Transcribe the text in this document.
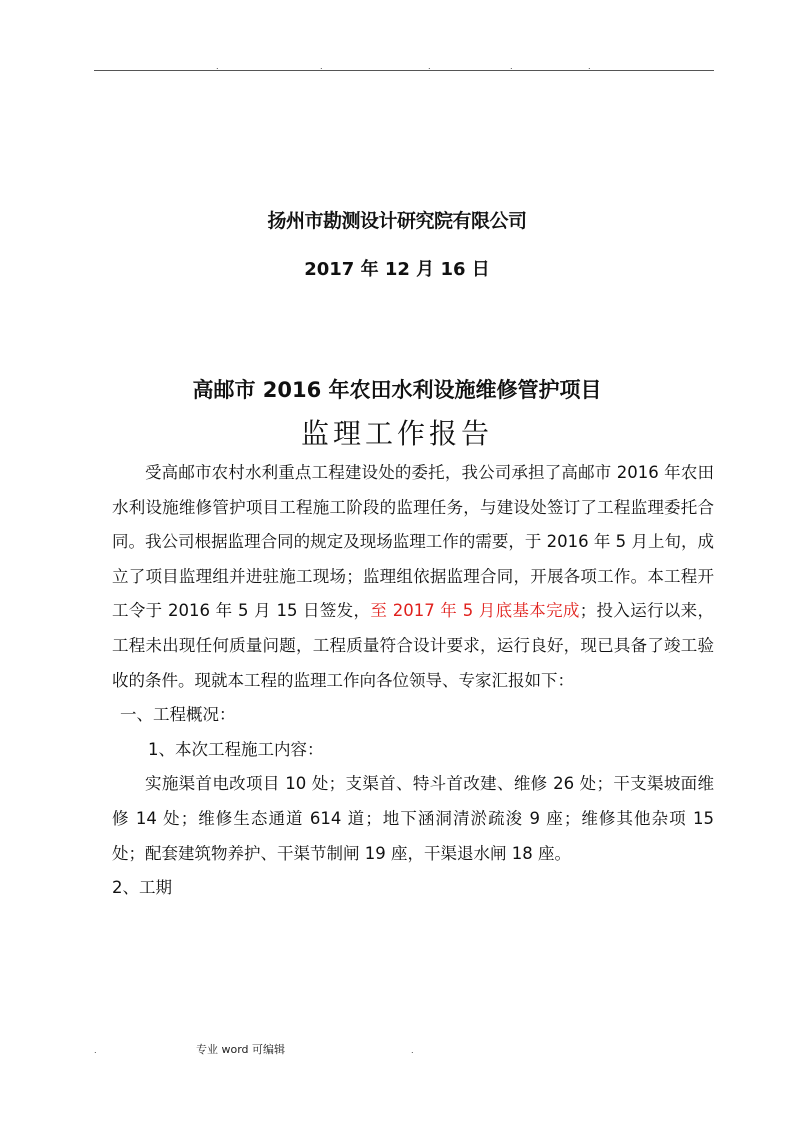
.	.	.	.	.
扬州市勘测设计研究院有限公司
2017 年 12 月 16 日
高邮市 2016 年农田水利设施维修管护项目
监理工作报告

受高邮市农村水利重点工程建设处的委托，我公司承担了高邮市 2016 年农田水利设施维修管护项目工程施工阶段的监理任务，与建设处签订了工程监理委托合同。我公司根据监理合同的规定及现场监理工作的需要，于 2016 年 5 月上旬，成立了项目监理组并进驻施工现场；监理组依据监理合同，开展各项工作。本工程开工令于 2016 年 5 月 15 日签发，至 2017 年 5 月底基本完成；投入运行以来，工程未出现任何质量问题，工程质量符合设计要求，运行良好，现已具备了竣工验收的条件。现就本工程的监理工作向各位领导、专家汇报如下：

一、工程概况：

1、本次工程施工内容：

实施渠首电改项目 10 处；支渠首、特斗首改建、维修 26 处；干支渠坡面维修 14 处；维修生态通道 614 道；地下涵洞清淤疏浚 9 座；维修其他杂项 15 处；配套建筑物养护、干渠节制闸 19 座，干渠退水闸 18 座。

2、工期

.	专业 word 可编辑	.
